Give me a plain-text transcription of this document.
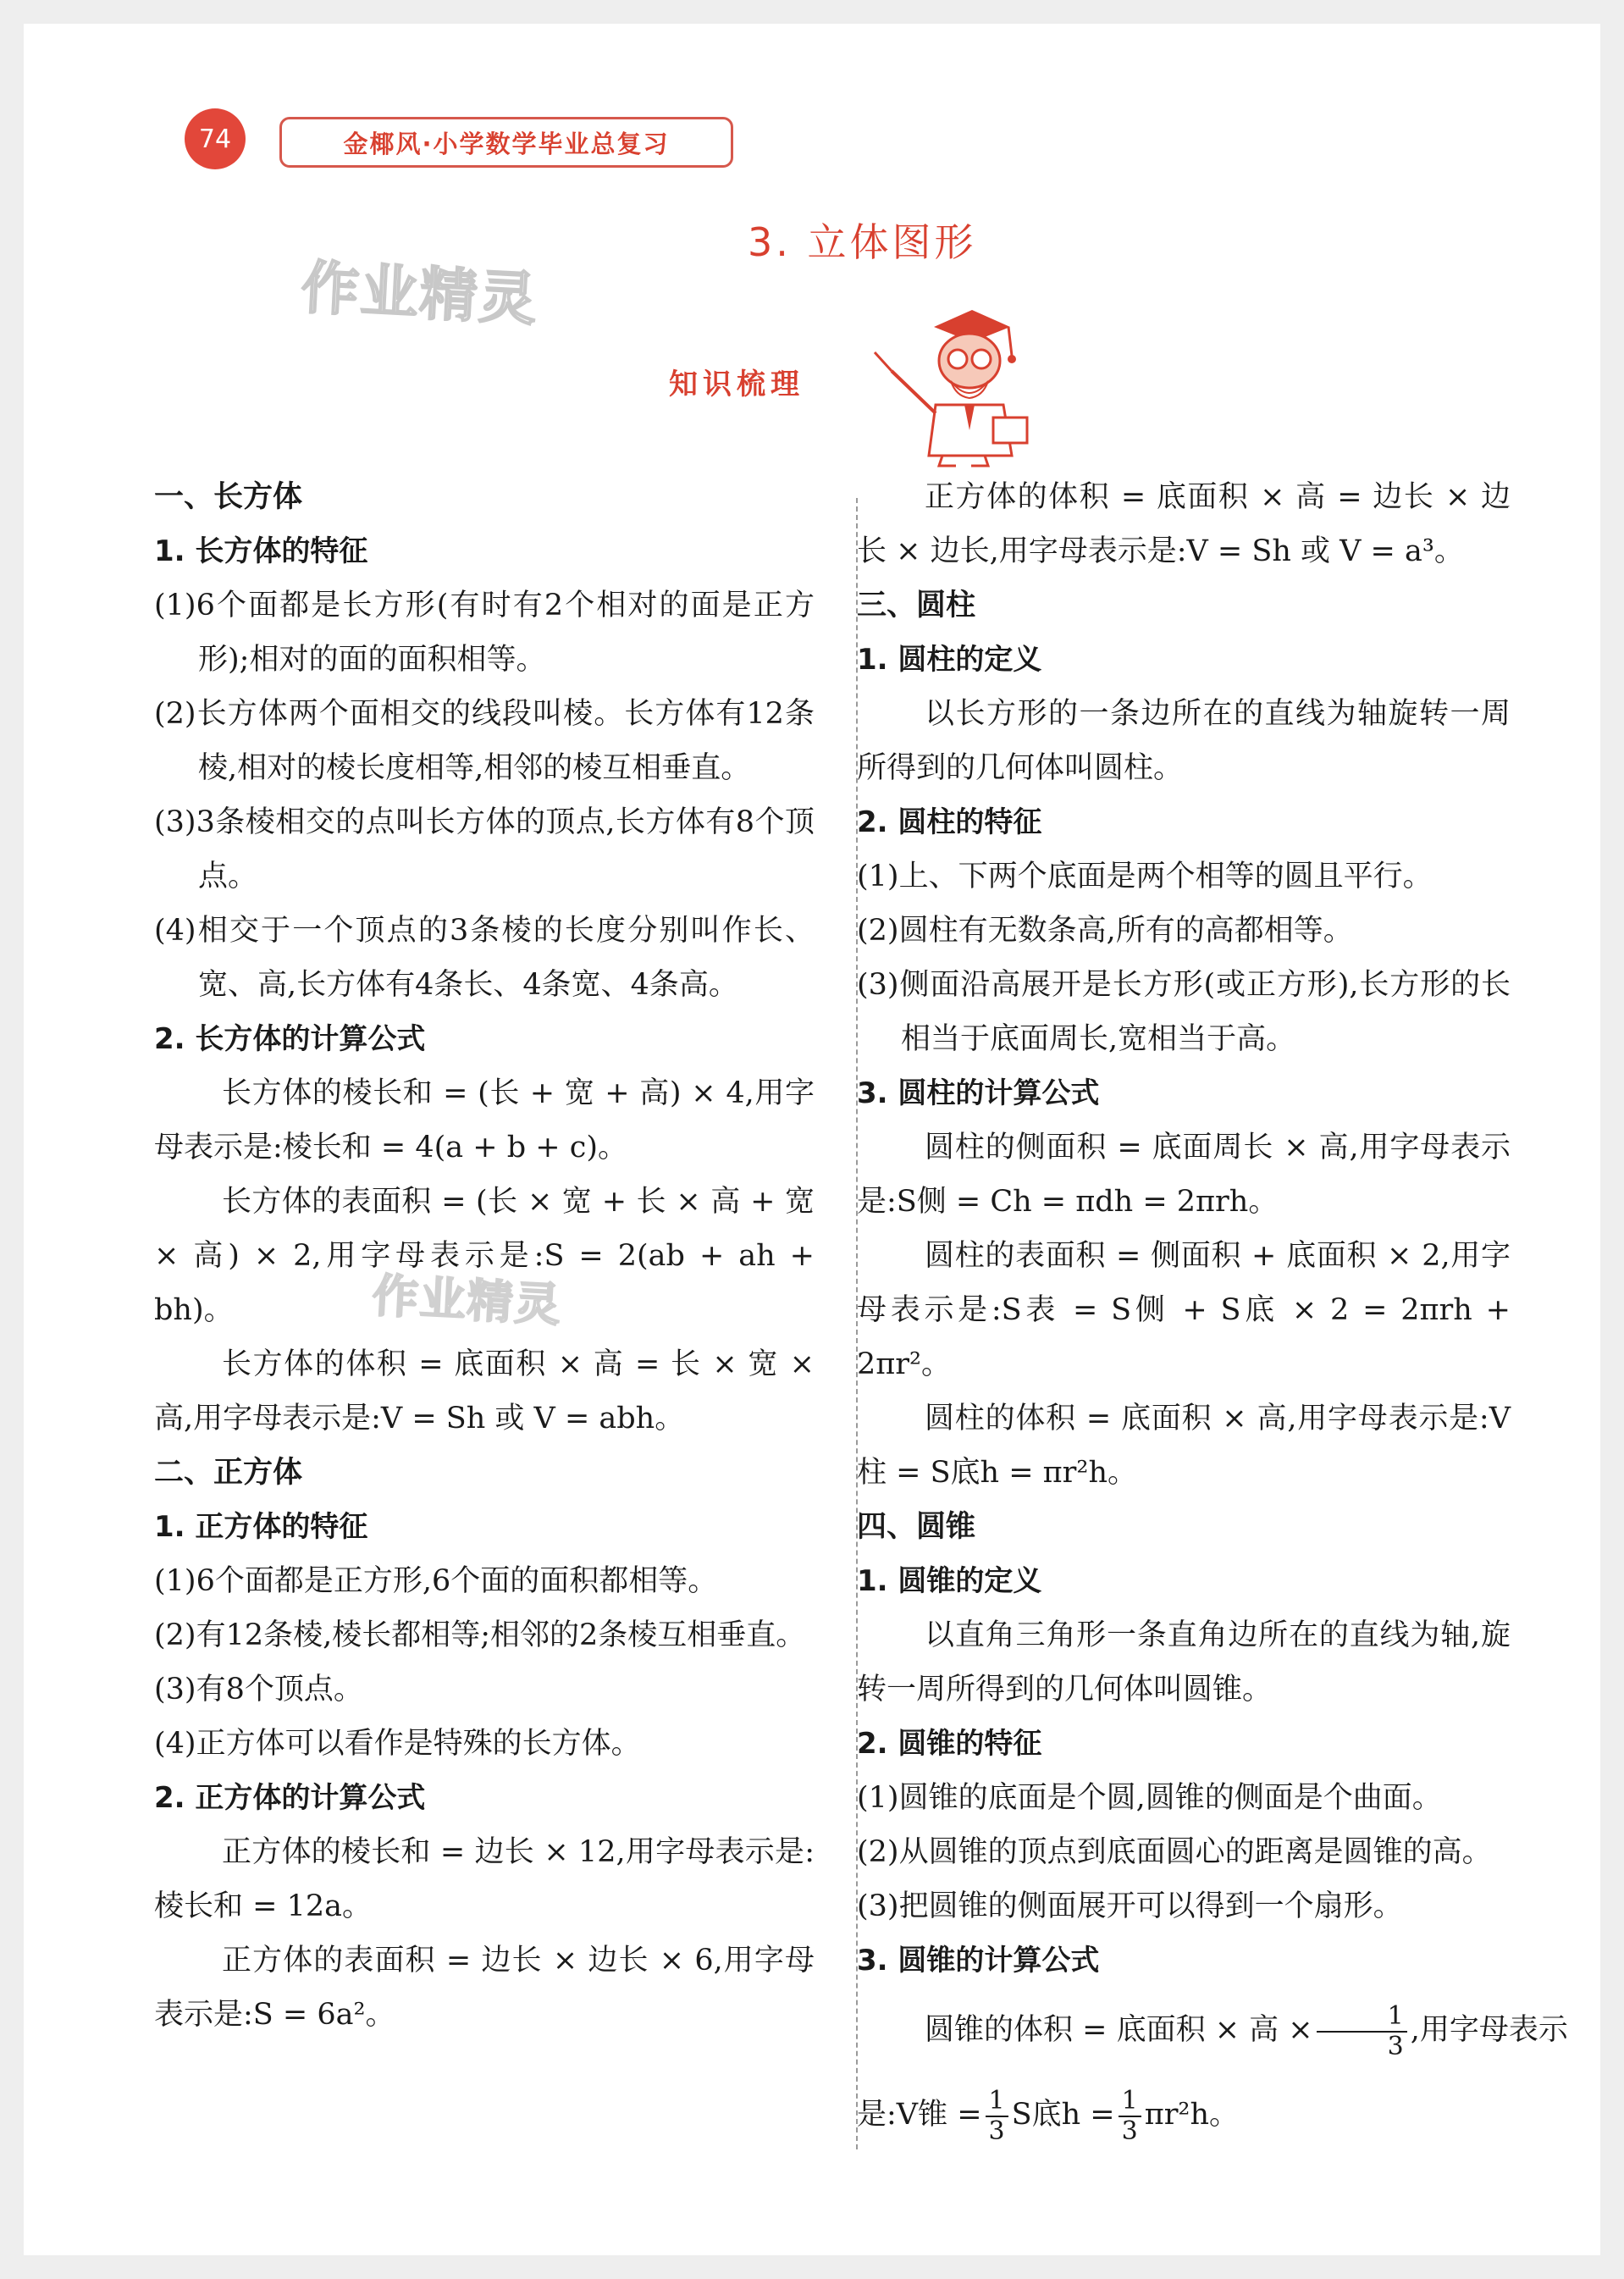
74	金椰风·小学数学毕业总复习
作业精灵
作业精灵
3. 立体图形
知识梳理

一、长方体

1. 长方体的特征

(1)6个面都是长方形(有时有2个相对的面是正方形);相对的面的面积相等。

(2)长方体两个面相交的线段叫棱。长方体有12条棱,相对的棱长度相等,相邻的棱互相垂直。

(3)3条棱相交的点叫长方体的顶点,长方体有8个顶点。

(4)相交于一个顶点的3条棱的长度分别叫作长、宽、高,长方体有4条长、4条宽、4条高。

2. 长方体的计算公式

长方体的棱长和 = (长 + 宽 + 高) × 4,用字母表示是:棱长和 = 4(a + b + c)。

长方体的表面积 = (长 × 宽 + 长 × 高 + 宽 × 高) × 2,用字母表示是:S = 2(ab + ah + bh)。

长方体的体积 = 底面积 × 高 = 长 × 宽 × 高,用字母表示是:V = Sh 或 V = abh。

二、正方体

1. 正方体的特征

(1)6个面都是正方形,6个面的面积都相等。

(2)有12条棱,棱长都相等;相邻的2条棱互相垂直。

(3)有8个顶点。

(4)正方体可以看作是特殊的长方体。

2. 正方体的计算公式

正方体的棱长和 = 边长 × 12,用字母表示是:棱长和 = 12a。

正方体的表面积 = 边长 × 边长 × 6,用字母表示是:S = 6a²。

正方体的体积 = 底面积 × 高 = 边长 × 边长 × 边长,用字母表示是:V = Sh 或 V = a³。

三、圆柱

1. 圆柱的定义

以长方形的一条边所在的直线为轴旋转一周所得到的几何体叫圆柱。

2. 圆柱的特征

(1)上、下两个底面是两个相等的圆且平行。

(2)圆柱有无数条高,所有的高都相等。

(3)侧面沿高展开是长方形(或正方形),长方形的长相当于底面周长,宽相当于高。

3. 圆柱的计算公式

圆柱的侧面积 = 底面周长 × 高,用字母表示是:S侧 = Ch = πdh = 2πrh。

圆柱的表面积 = 侧面积 + 底面积 × 2,用字母表示是:S表 = S侧 + S底 × 2 = 2πrh + 2πr²。

圆柱的体积 = 底面积 × 高,用字母表示是:V柱 = S底h = πr²h。

四、圆锥

1. 圆锥的定义

以直角三角形一条直角边所在的直线为轴,旋转一周所得到的几何体叫圆锥。

2. 圆锥的特征

(1)圆锥的底面是个圆,圆锥的侧面是个曲面。

(2)从圆锥的顶点到底面圆心的距离是圆锥的高。

(3)把圆锥的侧面展开可以得到一个扇形。

3. 圆锥的计算公式

圆锥的体积 = 底面积 × 高 × $\frac{1}{3}$ ,用字母表示

是:V锥 = $\frac{1}{3}$ S底$h = \frac{1}{3} \pi r^2h$。
